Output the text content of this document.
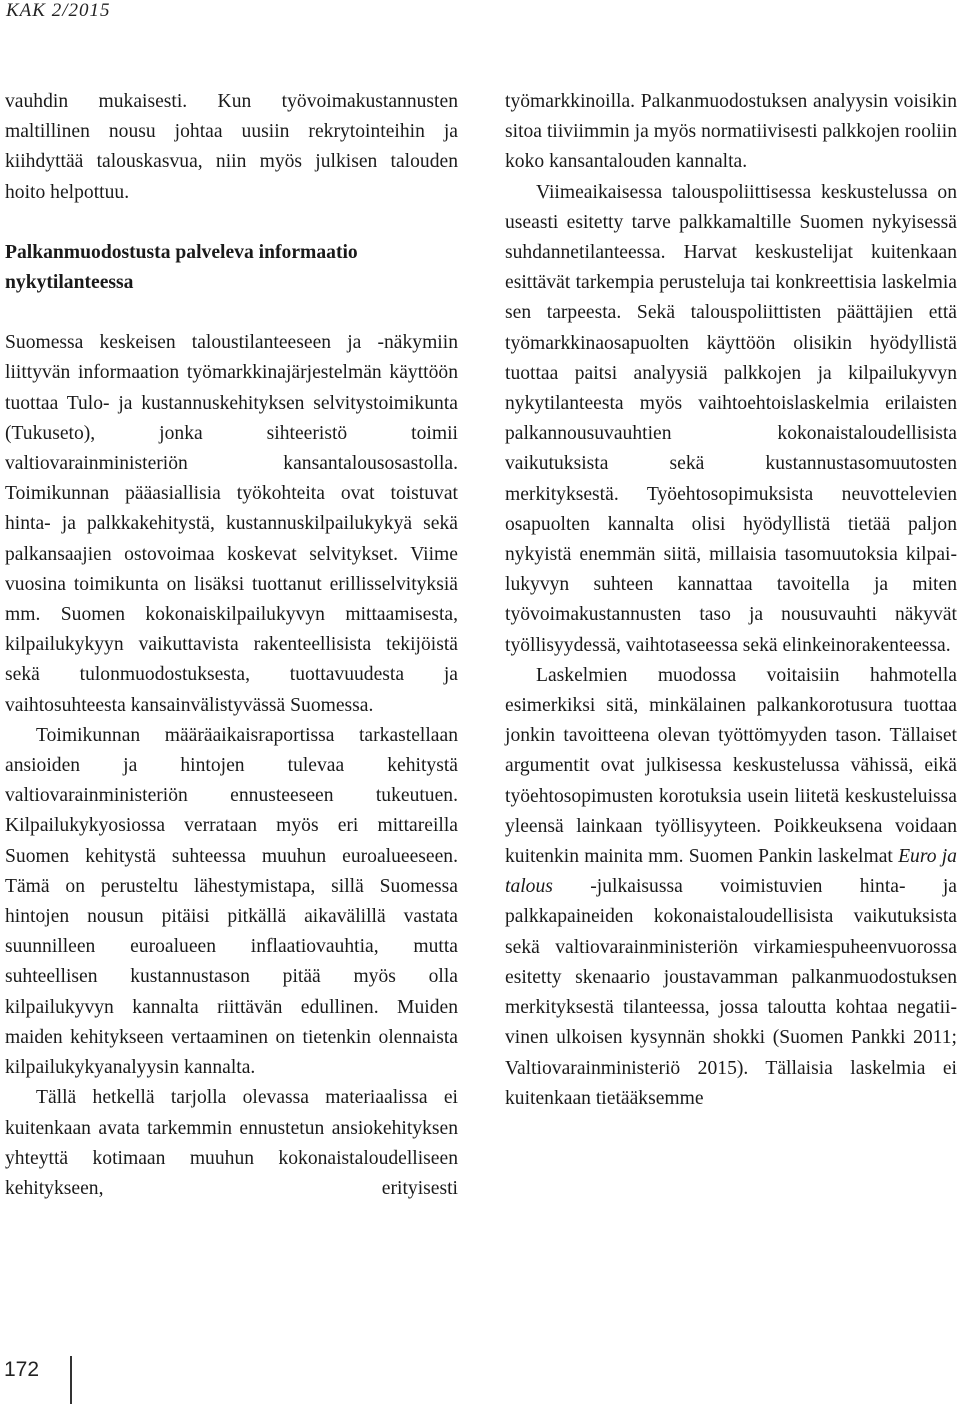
KAK 2/2015

vauhdin mukaisesti. Kun työvoimakustannusten maltillinen nousu johtaa uusiin rekrytointeihin ja kiihdyttää talouskasvua, niin myös julkisen talouden hoito helpottuu.

Palkanmuodostusta palveleva informaatio nykytilanteessa

Suomessa keskeisen taloustilanteeseen ja -näkymiin liittyvän informaation työmarkkinajärjestelmän käyttöön tuottaa Tulo- ja kustannuskehityksen selvitystoimikunta (Tukuseto), jonka sihteeristö toimii valtiovarainministeriön kansantalousosastolla. Toimikunnan pääasiallisia työkohteita ovat toistuvat hinta- ja palkkakehitystä, kustannuskilpailukykyä sekä palkansaajien ostovoimaa koskevat selvitykset. Viime vuosina toimikunta on lisäksi tuottanut erillisselvityksiä mm. Suomen kokonaiskilpailukyvyn mittaamisesta, kilpailukykyyn vaikuttavista rakenteellisista tekijöistä sekä tulonmuodostuksesta, tuottavuudesta ja vaihtosuhteesta kansainvälistyvässä Suomessa.

Toimikunnan määräaikaisraportissa tarkastellaan ansioiden ja hintojen tulevaa kehitystä valtiovarainministeriön ennusteeseen tukeutuen. Kilpailukykyosiossa verrataan myös eri mittareilla Suomen kehitystä suhteessa muuhun euroalueeseen. Tämä on perusteltu lähestymistapa, sillä Suomessa hintojen nousun pitäisi pitkällä aikavälillä vastata suunnilleen euroalueen inflaatiovauhtia, mutta suhteellisen kustannustason pitää myös olla kilpailukyvyn kannalta riittävän edullinen. Muiden maiden kehitykseen vertaaminen on tietenkin olennaista kilpailukykyanalyysin kannalta.

Tällä hetkellä tarjolla olevassa materiaalissa ei kuitenkaan avata tarkemmin ennustetun ansiokehityksen yhteyttä kotimaan muuhun kokonaistaloudelliseen kehitykseen, erityisesti

työmarkkinoilla. Palkanmuodostuksen analyysin voisikin sitoa tiiviimmin ja myös normatiivisesti palkkojen rooliin koko kansantalouden kannalta.

Viimeaikaisessa talouspoliittisessa keskustelussa on useasti esitetty tarve palkkamaltille Suomen nykyisessä suhdannetilanteessa. Harvat keskustelijat kuitenkaan esittävät tarkempia perusteluja tai konkreettisia laskelmia sen tarpeesta. Sekä talouspoliittisten päättäjien että työmarkkinaosapuolten käyttöön olisikin hyödyllistä tuottaa paitsi analyysiä palkkojen ja kilpailukyvyn nykytilanteesta myös vaihtoehtoislaskelmia erilaisten palkannousuvauhtien kokonaistaloudellisista vaikutuksista sekä kustannustasomuutosten merkityksestä. Työehtosopimuksista neuvottelevien osapuolten kannalta olisi hyödyllistä tietää paljon nykyistä enemmän siitä, millaisia tasomuutoksia kilpailukyvyn suhteen kannattaa tavoitella ja miten työvoimakustannusten taso ja nousuvauhti näkyvät työllisyydessä, vaihtotaseessa sekä elinkeinorakenteessa.

Laskelmien muodossa voitaisiin hahmotella esimerkiksi sitä, minkälainen palkankorotusura tuottaa jonkin tavoitteena olevan työttömyyden tason. Tällaiset argumentit ovat julkisessa keskustelussa vähissä, eikä työehtosopimusten korotuksia usein liitetä keskusteluissa yleensä lainkaan työllisyyteen. Poikkeuksena voidaan kuitenkin mainita mm. Suomen Pankin laskelmat Euro ja talous -julkaisussa voimistuvien hinta- ja palkkapaineiden kokonaistaloudellisista vaikutuksista sekä valtiovarainministeriön virkamiespuheenvuorossa esitetty skenaario joustavamman palkanmuodostuksen merkityksestä tilanteessa, jossa taloutta kohtaa negatiivinen ulkoisen kysynnän shokki (Suomen Pankki 2011; Valtiovarainministeriö 2015). Tällaisia laskelmia ei kuitenkaan tietääksemme

172
